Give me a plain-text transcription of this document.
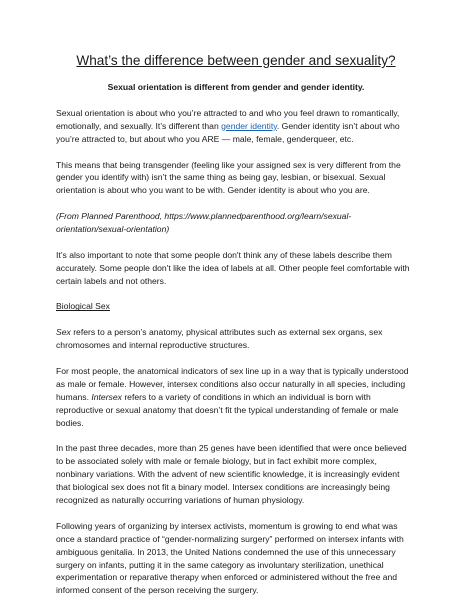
What’s the difference between gender and sexuality?
Sexual orientation is different from gender and gender identity.

Sexual orientation is about who you’re attracted to and who you feel drawn to romantically, emotionally, and sexually. It’s different than gender identity. Gender identity isn’t about who you’re attracted to, but about who you ARE — male, female, genderqueer, etc.

This means that being transgender (feeling like your assigned sex is very different from the gender you identify with) isn’t the same thing as being gay, lesbian, or bisexual. Sexual orientation is about who you want to be with. Gender identity is about who you are.

(From Planned Parenthood, https://www.plannedparenthood.org/learn/sexual-orientation/sexual-orientation)

It’s also important to note that some people don't think any of these labels describe them accurately. Some people don't like the idea of labels at all. Other people feel comfortable with certain labels and not others.

Biological Sex

Sex refers to a person’s anatomy, physical attributes such as external sex organs, sex chromosomes and internal reproductive structures.

For most people, the anatomical indicators of sex line up in a way that is typically understood as male or female. However, intersex conditions also occur naturally in all species, including humans. Intersex refers to a variety of conditions in which an individual is born with reproductive or sexual anatomy that doesn’t fit the typical understanding of female or male bodies.

In the past three decades, more than 25 genes have been identified that were once believed to be associated solely with male or female biology, but in fact exhibit more complex, nonbinary variations. With the advent of new scientific knowledge, it is increasingly evident that biological sex does not fit a binary model. Intersex conditions are increasingly being recognized as naturally occurring variations of human physiology.

Following years of organizing by intersex activists, momentum is growing to end what was once a standard practice of “gender-normalizing surgery” performed on intersex infants with ambiguous genitalia. In 2013, the United Nations condemned the use of this unnecessary surgery on infants, putting it in the same category as involuntary sterilization, unethical experimentation or reparative therapy when enforced or administered without the free and informed consent of the person receiving the surgery.
